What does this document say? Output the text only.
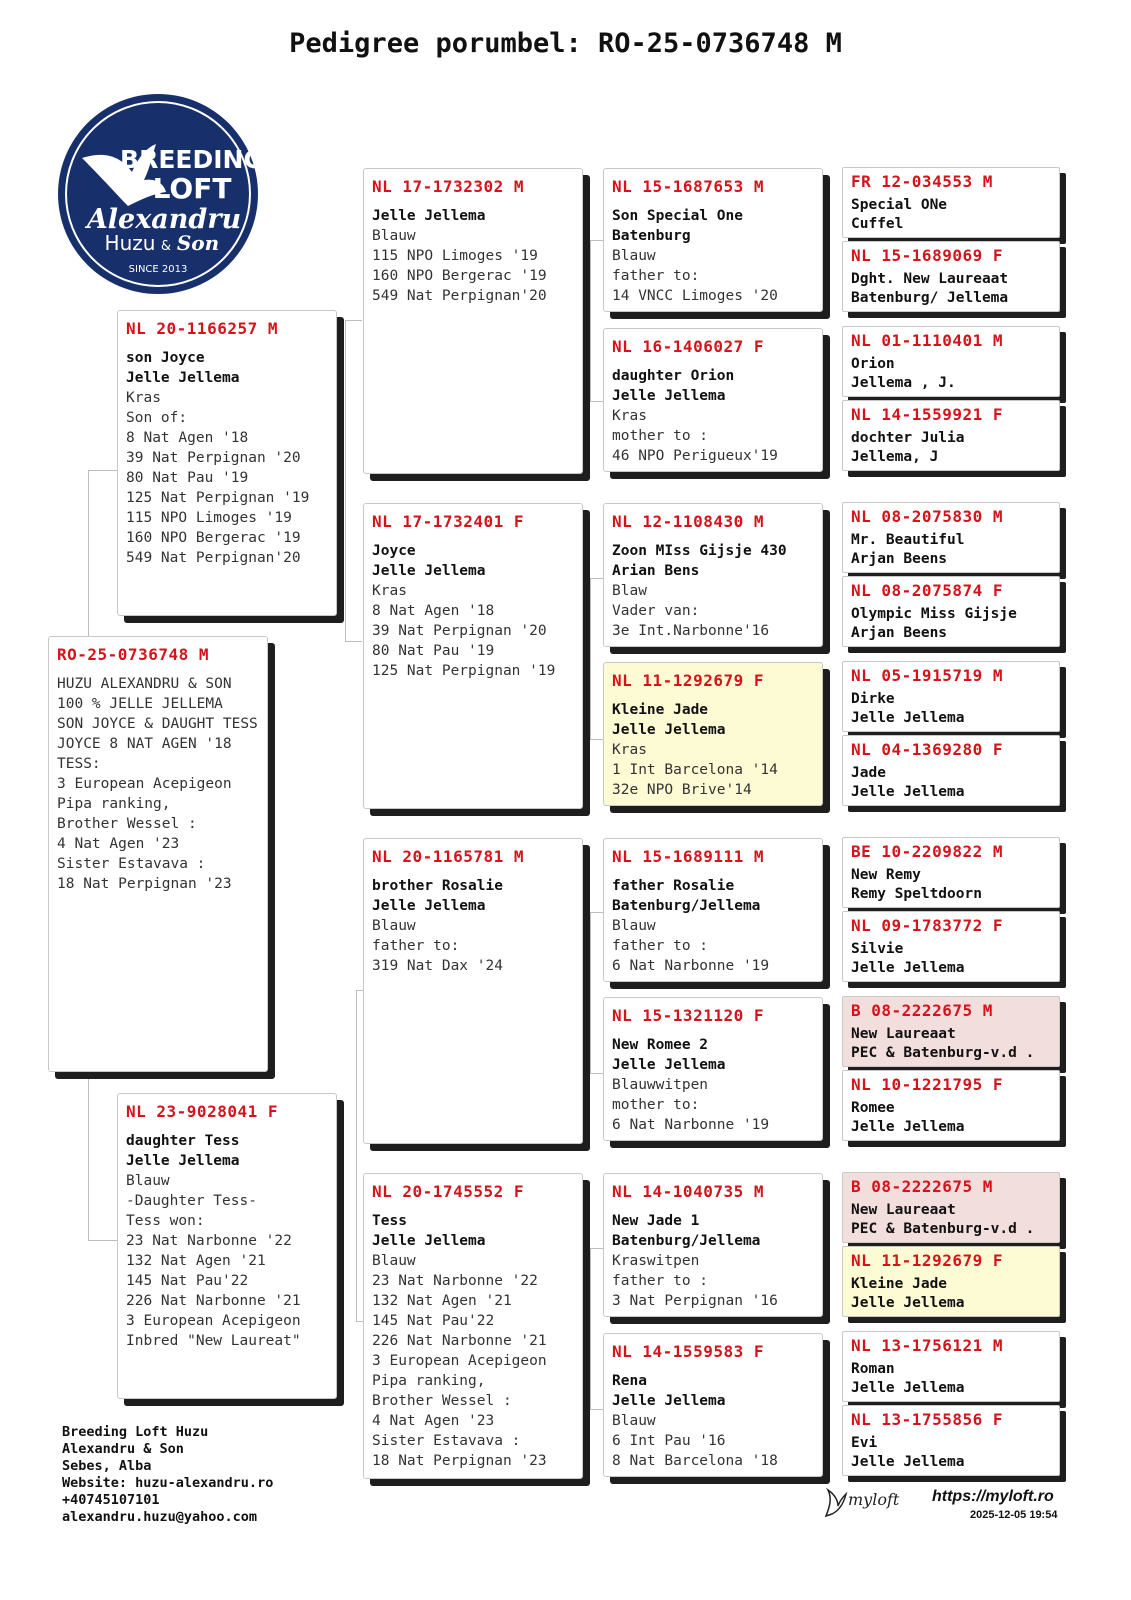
Pedigree porumbel: RO-25-0736748 M
BREEDING
LOFT
Alexandru
Huzu & Son
SINCE 2013
RO-25-0736748 M
HUZU ALEXANDRU & SON
100 % JELLE JELLEMA
SON JOYCE & DAUGHT TESS
JOYCE 8 NAT AGEN '18
TESS:
3 European Acepigeon
Pipa ranking,
Brother Wessel :
4 Nat Agen '23
Sister Estavava :
18 Nat Perpignan '23
NL 20-1166257 M
son Joyce
Jelle Jellema
Kras
Son of:
8 Nat Agen '18
39 Nat Perpignan '20
80 Nat Pau '19
125 Nat Perpignan '19
115 NPO Limoges '19
160 NPO Bergerac '19
549 Nat Perpignan'20
NL 23-9028041 F
daughter Tess
Jelle Jellema
Blauw
-Daughter Tess-
Tess won:
23 Nat Narbonne '22
132 Nat Agen '21
145 Nat Pau'22
226 Nat Narbonne '21
3 European Acepigeon
Inbred "New Laureat"
NL 17-1732302 M
Jelle Jellema
Blauw
115 NPO Limoges '19
160 NPO Bergerac '19
549 Nat Perpignan'20
NL 17-1732401 F
Joyce
Jelle Jellema
Kras
8 Nat Agen '18
39 Nat Perpignan '20
80 Nat Pau '19
125 Nat Perpignan '19
NL 20-1165781 M
brother Rosalie
Jelle Jellema
Blauw
father to:
319 Nat Dax '24
NL 20-1745552 F
Tess
Jelle Jellema
Blauw
23 Nat Narbonne '22
132 Nat Agen '21
145 Nat Pau'22
226 Nat Narbonne '21
3 European Acepigeon
Pipa ranking,
Brother Wessel :
4 Nat Agen '23
Sister Estavava :
18 Nat Perpignan '23
NL 15-1687653 M
Son Special One
Batenburg
Blauw
father to:
14 VNCC Limoges '20
NL 16-1406027 F
daughter Orion
Jelle Jellema
Kras
mother to :
46 NPO Perigueux'19
NL 12-1108430 M
Zoon MIss Gijsje 430
Arian Bens
Blaw
Vader van:
3e Int.Narbonne'16
NL 11-1292679 F
Kleine Jade
Jelle Jellema
Kras
1 Int Barcelona '14
32e NPO Brive'14
NL 15-1689111 M
father Rosalie
Batenburg/Jellema
Blauw
father to :
6 Nat Narbonne '19
NL 15-1321120 F
New Romee 2
Jelle Jellema
Blauwwitpen
mother to:
6 Nat Narbonne '19
NL 14-1040735 M
New Jade 1
Batenburg/Jellema
Kraswitpen
father to :
3 Nat Perpignan '16
NL 14-1559583 F
Rena
Jelle Jellema
Blauw
6 Int Pau '16
8 Nat Barcelona '18
FR 12-034553 M
Special ONe
Cuffel
NL 15-1689069 F
Dght. New Laureaat
Batenburg/ Jellema
NL 01-1110401 M
Orion
Jellema , J.
NL 14-1559921 F
dochter Julia
Jellema, J
NL 08-2075830 M
Mr. Beautiful
Arjan Beens
NL 08-2075874 F
Olympic Miss Gijsje
Arjan Beens
NL 05-1915719 M
Dirke
Jelle Jellema
NL 04-1369280 F
Jade
Jelle Jellema
BE 10-2209822 M
New Remy
Remy Speltdoorn
NL 09-1783772 F
Silvie
Jelle Jellema
B 08-2222675 M
New Laureaat
PEC & Batenburg-v.d .
NL 10-1221795 F
Romee
Jelle Jellema
B 08-2222675 M
New Laureaat
PEC & Batenburg-v.d .
NL 11-1292679 F
Kleine Jade
Jelle Jellema
NL 13-1756121 M
Roman
Jelle Jellema
NL 13-1755856 F
Evi
Jelle Jellema
Breeding Loft Huzu
Alexandru & Son
Sebes, Alba
Website: huzu-alexandru.ro
+40745107101
alexandru.huzu@yahoo.com
myloft https://myloft.ro
2025-12-05 19:54
